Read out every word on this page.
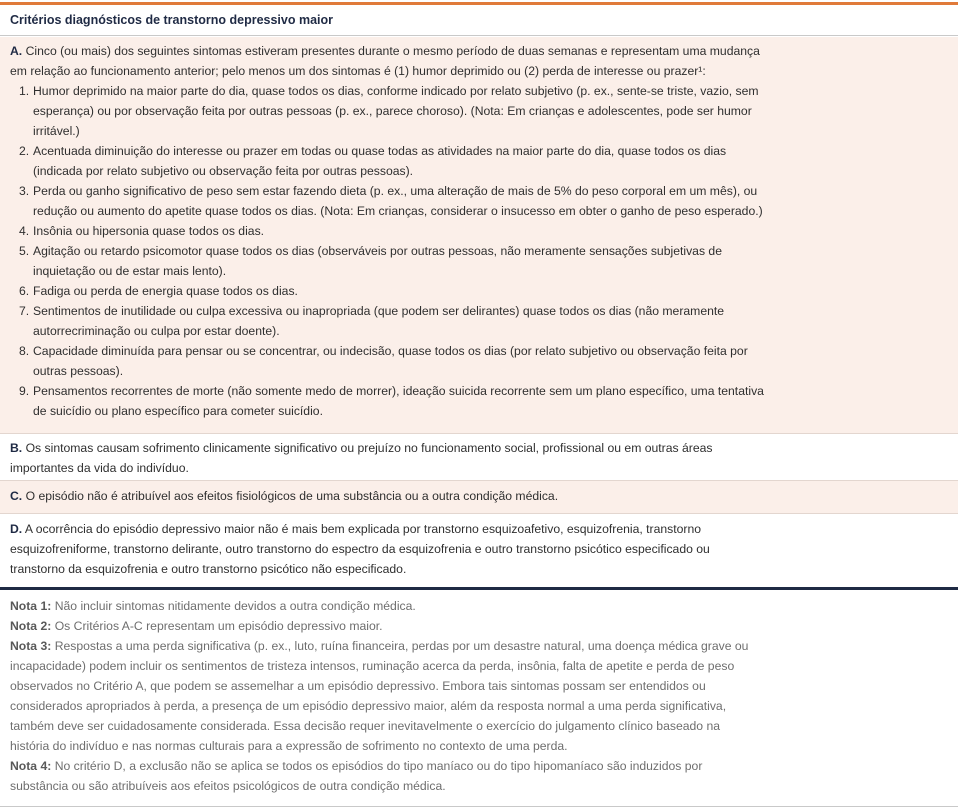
Critérios diagnósticos de transtorno depressivo maior
A. Cinco (ou mais) dos seguintes sintomas estiveram presentes durante o mesmo período de duas semanas e representam uma mudança
em relação ao funcionamento anterior; pelo menos um dos sintomas é (1) humor deprimido ou (2) perda de interesse ou prazer¹:
1. Humor deprimido na maior parte do dia, quase todos os dias, conforme indicado por relato subjetivo (p. ex., sente-se triste, vazio, sem
esperança) ou por observação feita por outras pessoas (p. ex., parece choroso). (Nota: Em crianças e adolescentes, pode ser humor
irritável.)
2. Acentuada diminuição do interesse ou prazer em todas ou quase todas as atividades na maior parte do dia, quase todos os dias
(indicada por relato subjetivo ou observação feita por outras pessoas).
3. Perda ou ganho significativo de peso sem estar fazendo dieta (p. ex., uma alteração de mais de 5% do peso corporal em um mês), ou
redução ou aumento do apetite quase todos os dias. (Nota: Em crianças, considerar o insucesso em obter o ganho de peso esperado.)
4. Insônia ou hipersonia quase todos os dias.
5. Agitação ou retardo psicomotor quase todos os dias (observáveis por outras pessoas, não meramente sensações subjetivas de
inquietação ou de estar mais lento).
6. Fadiga ou perda de energia quase todos os dias.
7. Sentimentos de inutilidade ou culpa excessiva ou inapropriada (que podem ser delirantes) quase todos os dias (não meramente
autorrecriminação ou culpa por estar doente).
8. Capacidade diminuída para pensar ou se concentrar, ou indecisão, quase todos os dias (por relato subjetivo ou observação feita por
outras pessoas).
9. Pensamentos recorrentes de morte (não somente medo de morrer), ideação suicida recorrente sem um plano específico, uma tentativa
de suicídio ou plano específico para cometer suicídio.
B. Os sintomas causam sofrimento clinicamente significativo ou prejuízo no funcionamento social, profissional ou em outras áreas
importantes da vida do indivíduo.
C. O episódio não é atribuível aos efeitos fisiológicos de uma substância ou a outra condição médica.
D. A ocorrência do episódio depressivo maior não é mais bem explicada por transtorno esquizoafetivo, esquizofrenia, transtorno
esquizofreniforme, transtorno delirante, outro transtorno do espectro da esquizofrenia e outro transtorno psicótico especificado ou
transtorno da esquizofrenia e outro transtorno psicótico não especificado.
Nota 1: Não incluir sintomas nitidamente devidos a outra condição médica.
Nota 2: Os Critérios A-C representam um episódio depressivo maior.
Nota 3: Respostas a uma perda significativa (p. ex., luto, ruína financeira, perdas por um desastre natural, uma doença médica grave ou
incapacidade) podem incluir os sentimentos de tristeza intensos, ruminação acerca da perda, insônia, falta de apetite e perda de peso
observados no Critério A, que podem se assemelhar a um episódio depressivo. Embora tais sintomas possam ser entendidos ou
considerados apropriados à perda, a presença de um episódio depressivo maior, além da resposta normal a uma perda significativa,
também deve ser cuidadosamente considerada. Essa decisão requer inevitavelmente o exercício do julgamento clínico baseado na
história do indivíduo e nas normas culturais para a expressão de sofrimento no contexto de uma perda.
Nota 4: No critério D, a exclusão não se aplica se todos os episódios do tipo maníaco ou do tipo hipomaníaco são induzidos por
substância ou são atribuíveis aos efeitos psicológicos de outra condição médica.
